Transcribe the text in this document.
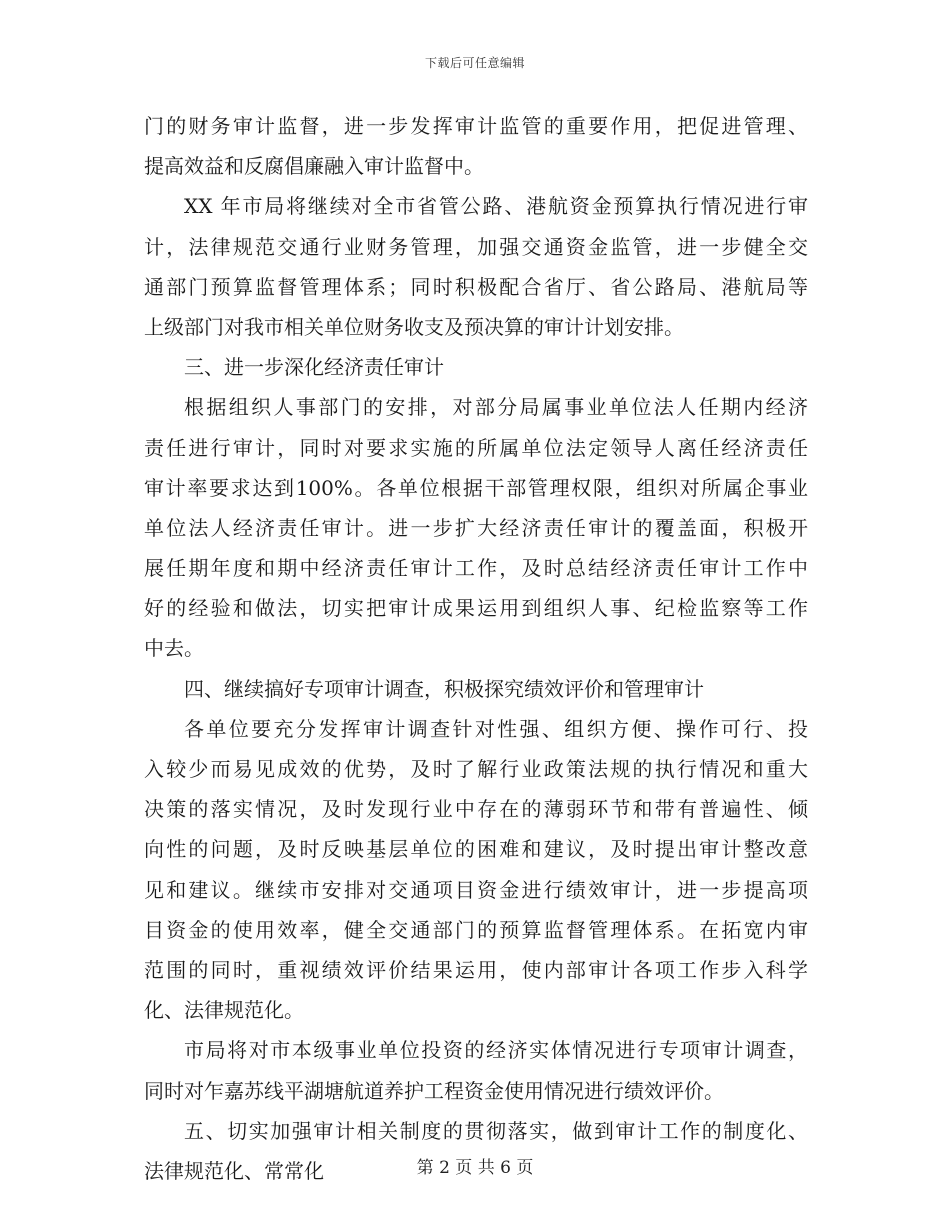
下载后可任意编辑
门的财务审计监督，进一步发挥审计监管的重要作用，把促进管理、
提高效益和反腐倡廉融入审计监督中。
XX 年市局将继续对全市省管公路、港航资金预算执行情况进行审
计，法律规范交通行业财务管理，加强交通资金监管，进一步健全交
通部门预算监督管理体系；同时积极配合省厅、省公路局、港航局等
上级部门对我市相关单位财务收支及预决算的审计计划安排。
三、进一步深化经济责任审计
根据组织人事部门的安排，对部分局属事业单位法人任期内经济
责任进行审计，同时对要求实施的所属单位法定领导人离任经济责任
审计率要求达到100%。各单位根据干部管理权限，组织对所属企事业
单位法人经济责任审计。进一步扩大经济责任审计的覆盖面，积极开
展任期年度和期中经济责任审计工作，及时总结经济责任审计工作中
好的经验和做法，切实把审计成果运用到组织人事、纪检监察等工作
中去。
四、继续搞好专项审计调查，积极探究绩效评价和管理审计
各单位要充分发挥审计调查针对性强、组织方便、操作可行、投
入较少而易见成效的优势，及时了解行业政策法规的执行情况和重大
决策的落实情况，及时发现行业中存在的薄弱环节和带有普遍性、倾
向性的问题，及时反映基层单位的困难和建议，及时提出审计整改意
见和建议。继续市安排对交通项目资金进行绩效审计，进一步提高项
目资金的使用效率，健全交通部门的预算监督管理体系。在拓宽内审
范围的同时，重视绩效评价结果运用，使内部审计各项工作步入科学
化、法律规范化。
市局将对市本级事业单位投资的经济实体情况进行专项审计调查，
同时对乍嘉苏线平湖塘航道养护工程资金使用情况进行绩效评价。
五、切实加强审计相关制度的贯彻落实，做到审计工作的制度化、
法律规范化、常常化	第 2 页 共 6 页
